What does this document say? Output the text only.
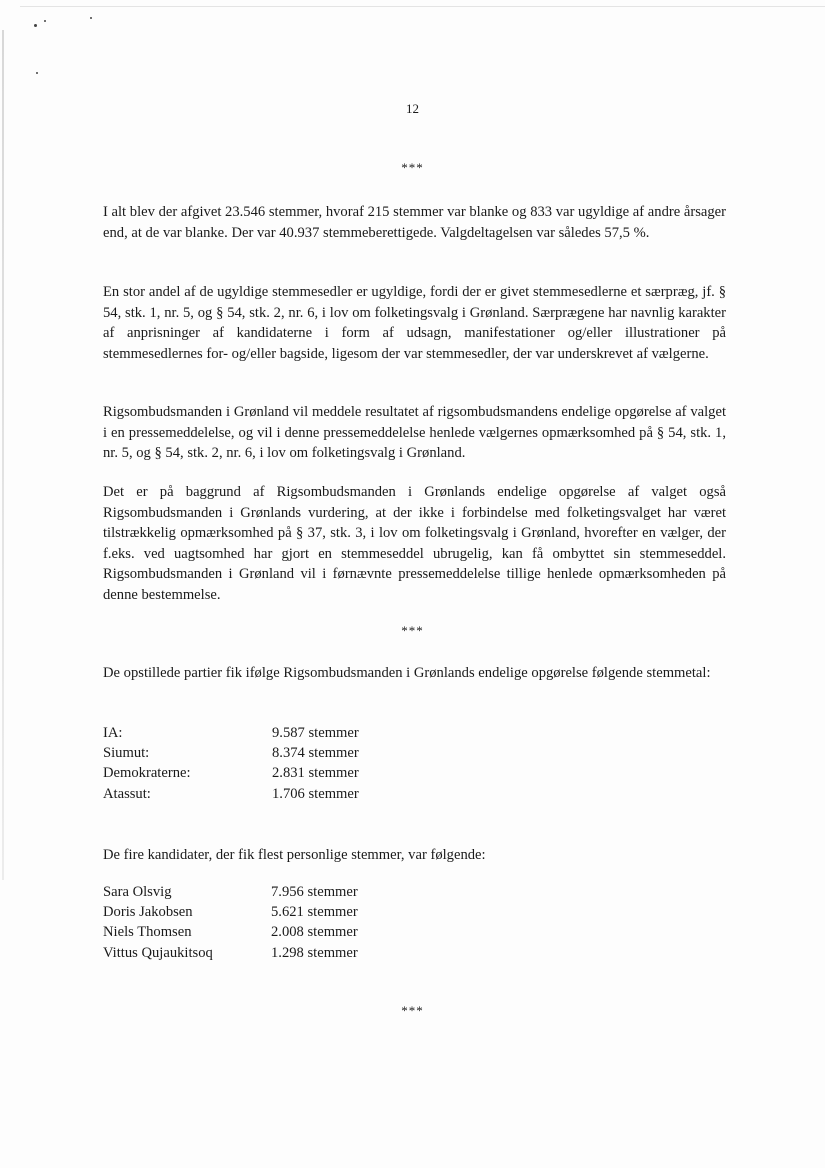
12
***

I alt blev der afgivet 23.546 stemmer, hvoraf 215 stemmer var blanke og 833 var ugyldige af andre årsager end, at de var blanke. Der var 40.937 stemmeberettigede. Valgdeltagelsen var således 57,5 %.

En stor andel af de ugyldige stemmesedler er ugyldige, fordi der er givet stemmesedlerne et særpræg, jf. § 54, stk. 1, nr. 5, og § 54, stk. 2, nr. 6, i lov om folketingsvalg i Grønland. Særprægene har navnlig karakter af anprisninger af kandidaterne i form af udsagn, manifestationer og/eller illustrationer på stemmesedlernes for- og/eller bagside, ligesom der var stemmesedler, der var underskrevet af vælgerne.

Rigsombudsmanden i Grønland vil meddele resultatet af rigsombudsmandens endelige opgørelse af valget i en pressemeddelelse, og vil i denne pressemeddelelse henlede vælgernes opmærksomhed på § 54, stk. 1, nr. 5, og § 54, stk. 2, nr. 6, i lov om folketingsvalg i Grønland.

Det er på baggrund af Rigsombudsmanden i Grønlands endelige opgørelse af valget også Rigsombudsmanden i Grønlands vurdering, at der ikke i forbindelse med folketingsvalget har været tilstrækkelig opmærksomhed på § 37, stk. 3, i lov om folketingsvalg i Grønland, hvorefter en vælger, der f.eks. ved uagtsomhed har gjort en stemmeseddel ubrugelig, kan få ombyttet sin stemmeseddel. Rigsombudsmanden i Grønland vil i førnævnte pressemeddelelse tillige henlede opmærksomheden på denne bestemmelse.

***

De opstillede partier fik ifølge Rigsombudsmanden i Grønlands endelige opgørelse følgende stemmetal:

IA:	9.587 stemmer
Siumut:	8.374 stemmer
Demokraterne:	2.831 stemmer
Atassut:	1.706 stemmer

De fire kandidater, der fik flest personlige stemmer, var følgende:

Sara Olsvig	7.956 stemmer
Doris Jakobsen	5.621 stemmer
Niels Thomsen	2.008 stemmer
Vittus Qujaukitsoq	1.298 stemmer
***
